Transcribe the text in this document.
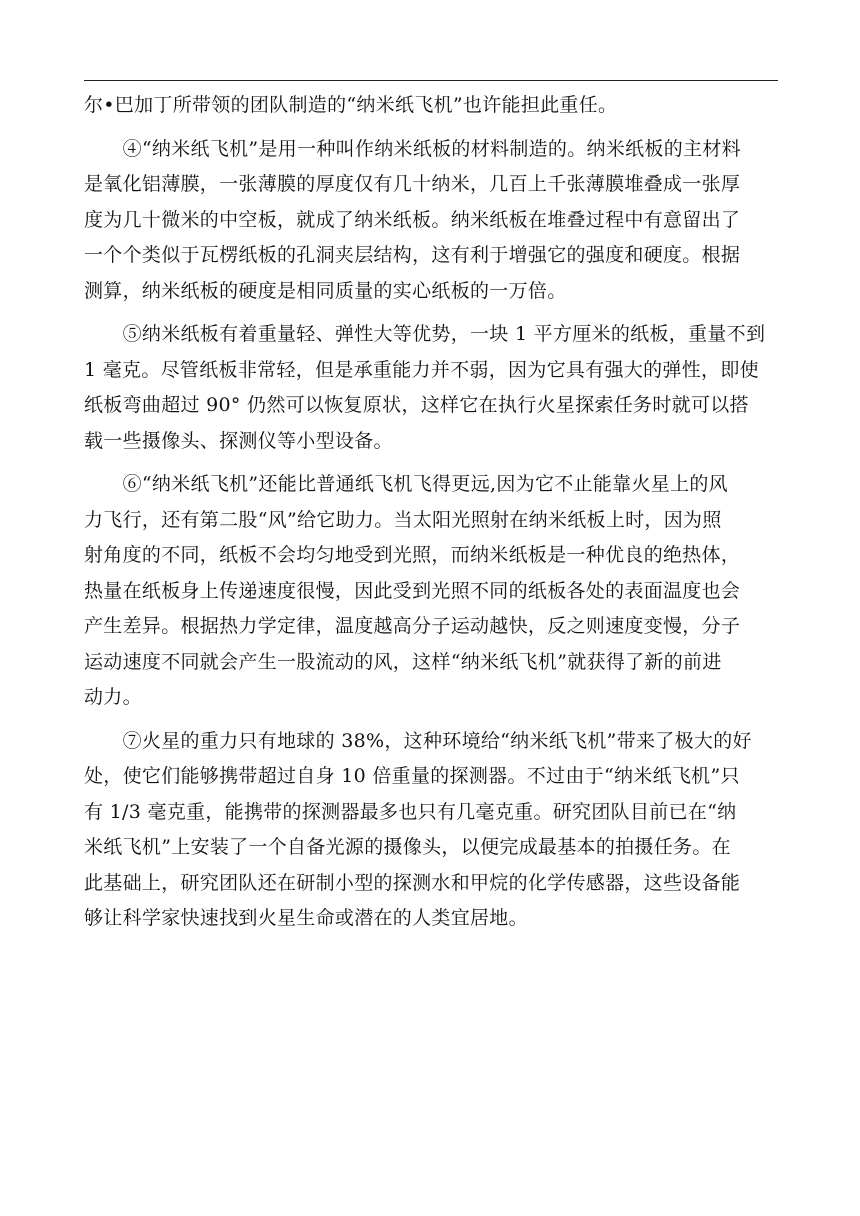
尔•巴加丁所带领的团队制造的“纳米纸飞机”也许能担此重任。
　　④“纳米纸飞机”是用一种叫作纳米纸板的材料制造的。纳米纸板的主材料
是氧化铝薄膜，一张薄膜的厚度仅有几十纳米，几百上千张薄膜堆叠成一张厚
度为几十微米的中空板，就成了纳米纸板。纳米纸板在堆叠过程中有意留出了
一个个类似于瓦楞纸板的孔洞夹层结构，这有利于增强它的强度和硬度。根据
测算，纳米纸板的硬度是相同质量的实心纸板的一万倍。
　　⑤纳米纸板有着重量轻、弹性大等优势，一块 1 平方厘米的纸板，重量不到
1 毫克。尽管纸板非常轻，但是承重能力并不弱，因为它具有强大的弹性，即使
纸板弯曲超过 90° 仍然可以恢复原状，这样它在执行火星探索任务时就可以搭
载一些摄像头、探测仪等小型设备。
　　⑥“纳米纸飞机”还能比普通纸飞机飞得更远,因为它不止能靠火星上的风
力飞行，还有第二股“风”给它助力。当太阳光照射在纳米纸板上时，因为照
射角度的不同，纸板不会均匀地受到光照，而纳米纸板是一种优良的绝热体，
热量在纸板身上传递速度很慢，因此受到光照不同的纸板各处的表面温度也会
产生差异。根据热力学定律，温度越高分子运动越快，反之则速度变慢，分子
运动速度不同就会产生一股流动的风，这样“纳米纸飞机”就获得了新的前进
动力。
　　⑦火星的重力只有地球的 38%，这种环境给“纳米纸飞机”带来了极大的好
处，使它们能够携带超过自身 10 倍重量的探测器。不过由于“纳米纸飞机”只
有 1/3 毫克重，能携带的探测器最多也只有几毫克重。研究团队目前已在“纳
米纸飞机”上安装了一个自备光源的摄像头，以便完成最基本的拍摄任务。在
此基础上，研究团队还在研制小型的探测水和甲烷的化学传感器，这些设备能
够让科学家快速找到火星生命或潜在的人类宜居地。
